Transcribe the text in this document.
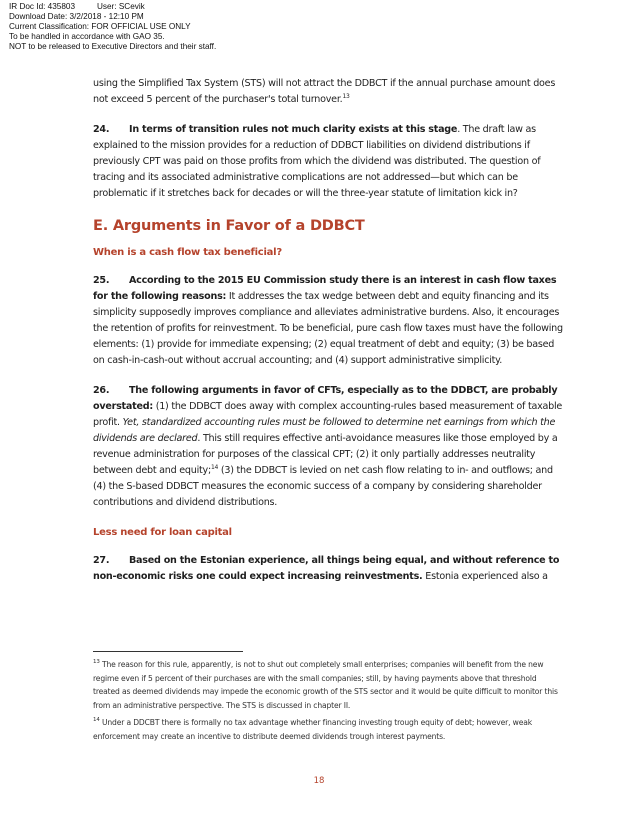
IR Doc Id: 435803	User: SCevik
Download Date: 3/2/2018 - 12:10 PM
Current Classification: FOR OFFICIAL USE ONLY
To be handled in accordance with GAO 35.
NOT to be released to Executive Directors and their staff.

using the Simplified Tax System (STS) will not attract the DDBCT if the annual purchase amount does not exceed 5 percent of the purchaser's total turnover.$^{13}$

24. In terms of transition rules not much clarity exists at this stage. The draft law as explained to the mission provides for a reduction of DDBCT liabilities on dividend distributions if previously CPT was paid on those profits from which the dividend was distributed. The question of tracing and its associated administrative complications are not addressed—but which can be problematic if it stretches back for decades or will the three-year statute of limitation kick in?

E. Arguments in Favor of a DDBCT
When is a cash flow tax beneficial?

25. According to the 2015 EU Commission study there is an interest in cash flow taxes for the following reasons: It addresses the tax wedge between debt and equity financing and its simplicity supposedly improves compliance and alleviates administrative burdens. Also, it encourages the retention of profits for reinvestment. To be beneficial, pure cash flow taxes must have the following elements: (1) provide for immediate expensing; (2) equal treatment of debt and equity; (3) be based on cash-in-cash-out without accrual accounting; and (4) support administrative simplicity.

26. The following arguments in favor of CFTs, especially as to the DDBCT, are probably overstated: (1) the DDBCT does away with complex accounting-rules based measurement of taxable profit. Yet, standardized accounting rules must be followed to determine net earnings from which the dividends are declared. This still requires effective anti-avoidance measures like those employed by a revenue administration for purposes of the classical CPT; (2) it only partially addresses neutrality between debt and equity;$^{14}$ (3) the DDBCT is levied on net cash flow relating to in- and outflows; and (4) the S-based DDBCT measures the economic success of a company by considering shareholder contributions and dividend distributions.

Less need for loan capital

27. Based on the Estonian experience, all things being equal, and without reference to non-economic risks one could expect increasing reinvestments. Estonia experienced also a

$^{13}$ The reason for this rule, apparently, is not to shut out completely small enterprises; companies will benefit from the new regime even if 5 percent of their purchases are with the small companies; still, by having payments above that threshold treated as deemed dividends may impede the economic growth of the STS sector and it would be quite difficult to monitor this from an administrative perspective. The STS is discussed in chapter II.

$^{14}$ Under a DDCBT there is formally no tax advantage whether financing investing trough equity of debt; however, weak enforcement may create an incentive to distribute deemed dividends trough interest payments.

18
